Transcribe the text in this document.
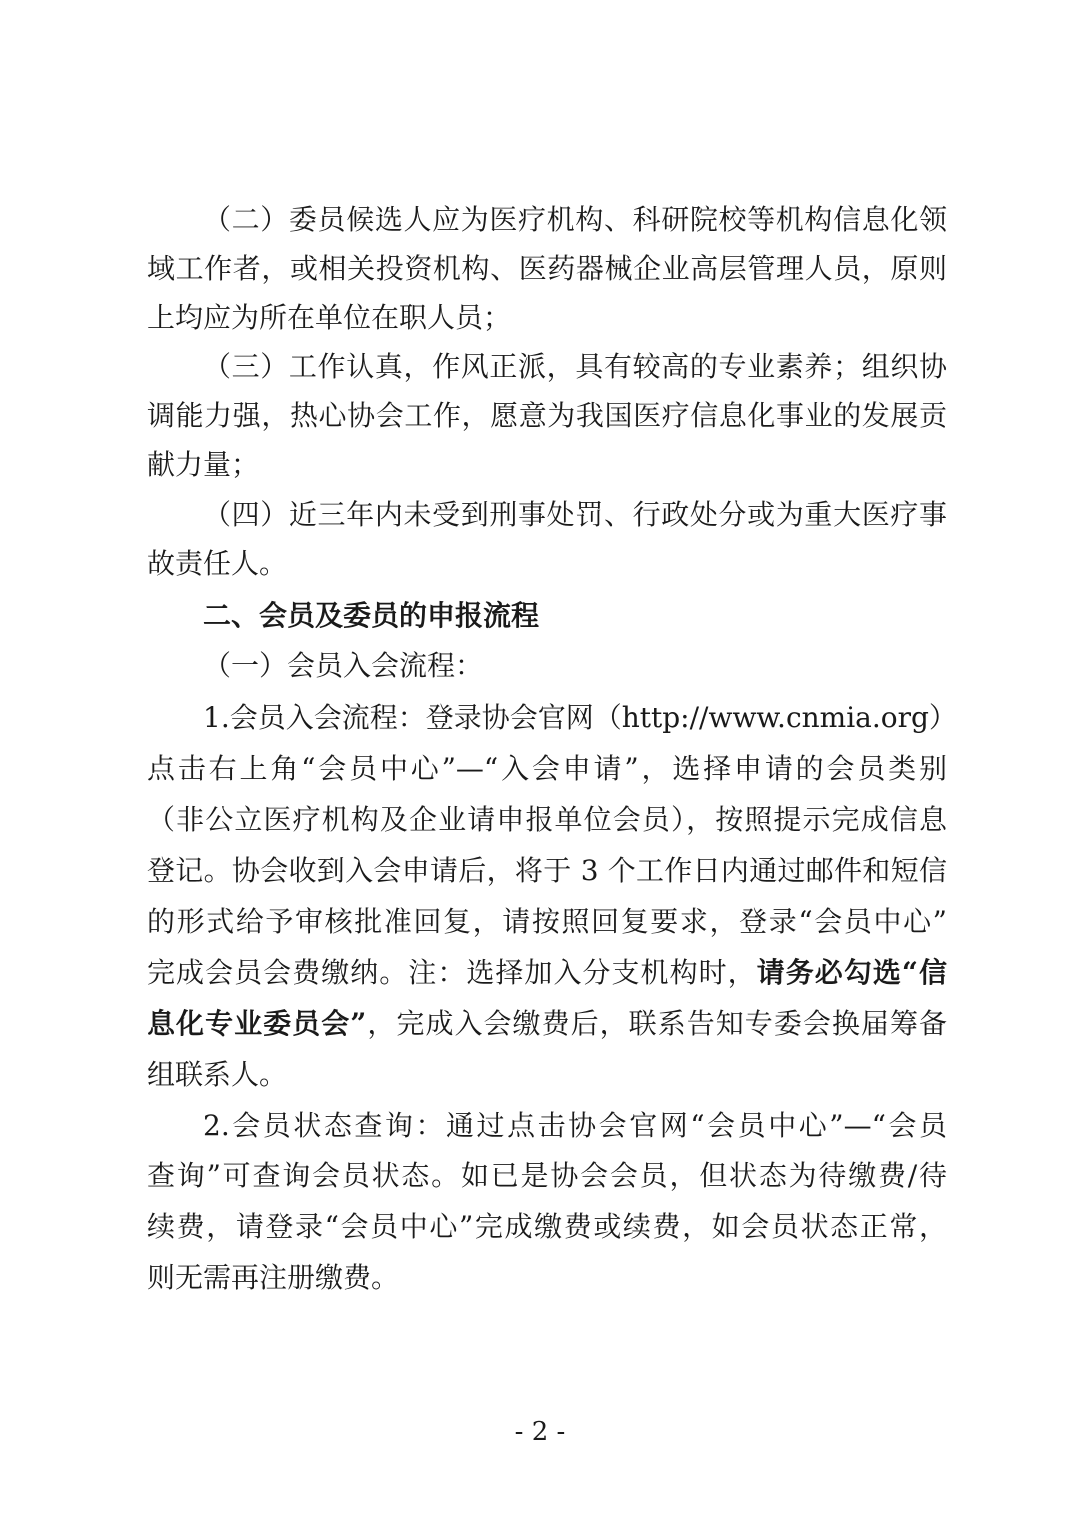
（二）委员候选人应为医疗机构、科研院校等机构信息化领
域工作者，或相关投资机构、医药器械企业高层管理人员，原则
上均应为所在单位在职人员；
（三）工作认真，作风正派，具有较高的专业素养；组织协
调能力强，热心协会工作，愿意为我国医疗信息化事业的发展贡
献力量；
（四）近三年内未受到刑事处罚、行政处分或为重大医疗事
故责任人。
二、会员及委员的申报流程
（一）会员入会流程：
1.会员入会流程：登录协会官网（http://www.cnmia.org）
点击右上角“会员中心”—“入会申请”，选择申请的会员类别
（非公立医疗机构及企业请申报单位会员），按照提示完成信息
登记。协会收到入会申请后，将于 3 个工作日内通过邮件和短信
的形式给予审核批准回复，请按照回复要求，登录“会员中心”
完成会员会费缴纳。注：选择加入分支机构时，请务必勾选“信
息化专业委员会”，完成入会缴费后，联系告知专委会换届筹备
组联系人。
2.会员状态查询：通过点击协会官网“会员中心”—“会员
查询”可查询会员状态。如已是协会会员，但状态为待缴费/待
续费，请登录“会员中心”完成缴费或续费，如会员状态正常，
则无需再注册缴费。
- 2 -
